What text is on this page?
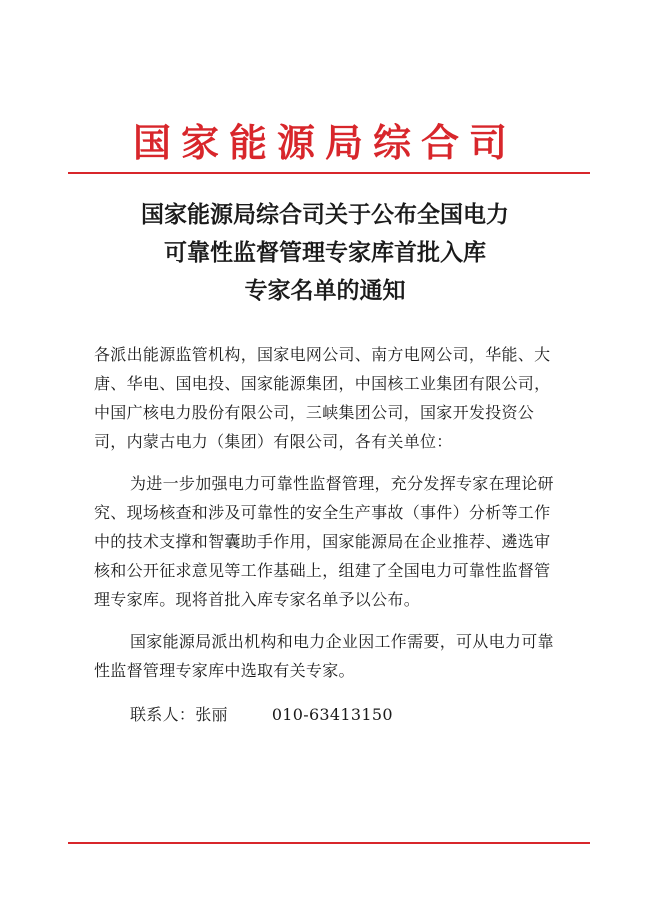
国家能源局综合司
国家能源局综合司关于公布全国电力
可靠性监督管理专家库首批入库
专家名单的通知

各派出能源监管机构，国家电网公司、南方电网公司，华能、大唐、华电、国电投、国家能源集团，中国核工业集团有限公司，中国广核电力股份有限公司，三峡集团公司，国家开发投资公司，内蒙古电力（集团）有限公司，各有关单位：

为进一步加强电力可靠性监督管理，充分发挥专家在理论研究、现场核查和涉及可靠性的安全生产事故（事件）分析等工作中的技术支撑和智囊助手作用，国家能源局在企业推荐、遴选审核和公开征求意见等工作基础上，组建了全国电力可靠性监督管理专家库。现将首批入库专家名单予以公布。

国家能源局派出机构和电力企业因工作需要，可从电力可靠性监督管理专家库中选取有关专家。

联系人：张丽	010-63413150
